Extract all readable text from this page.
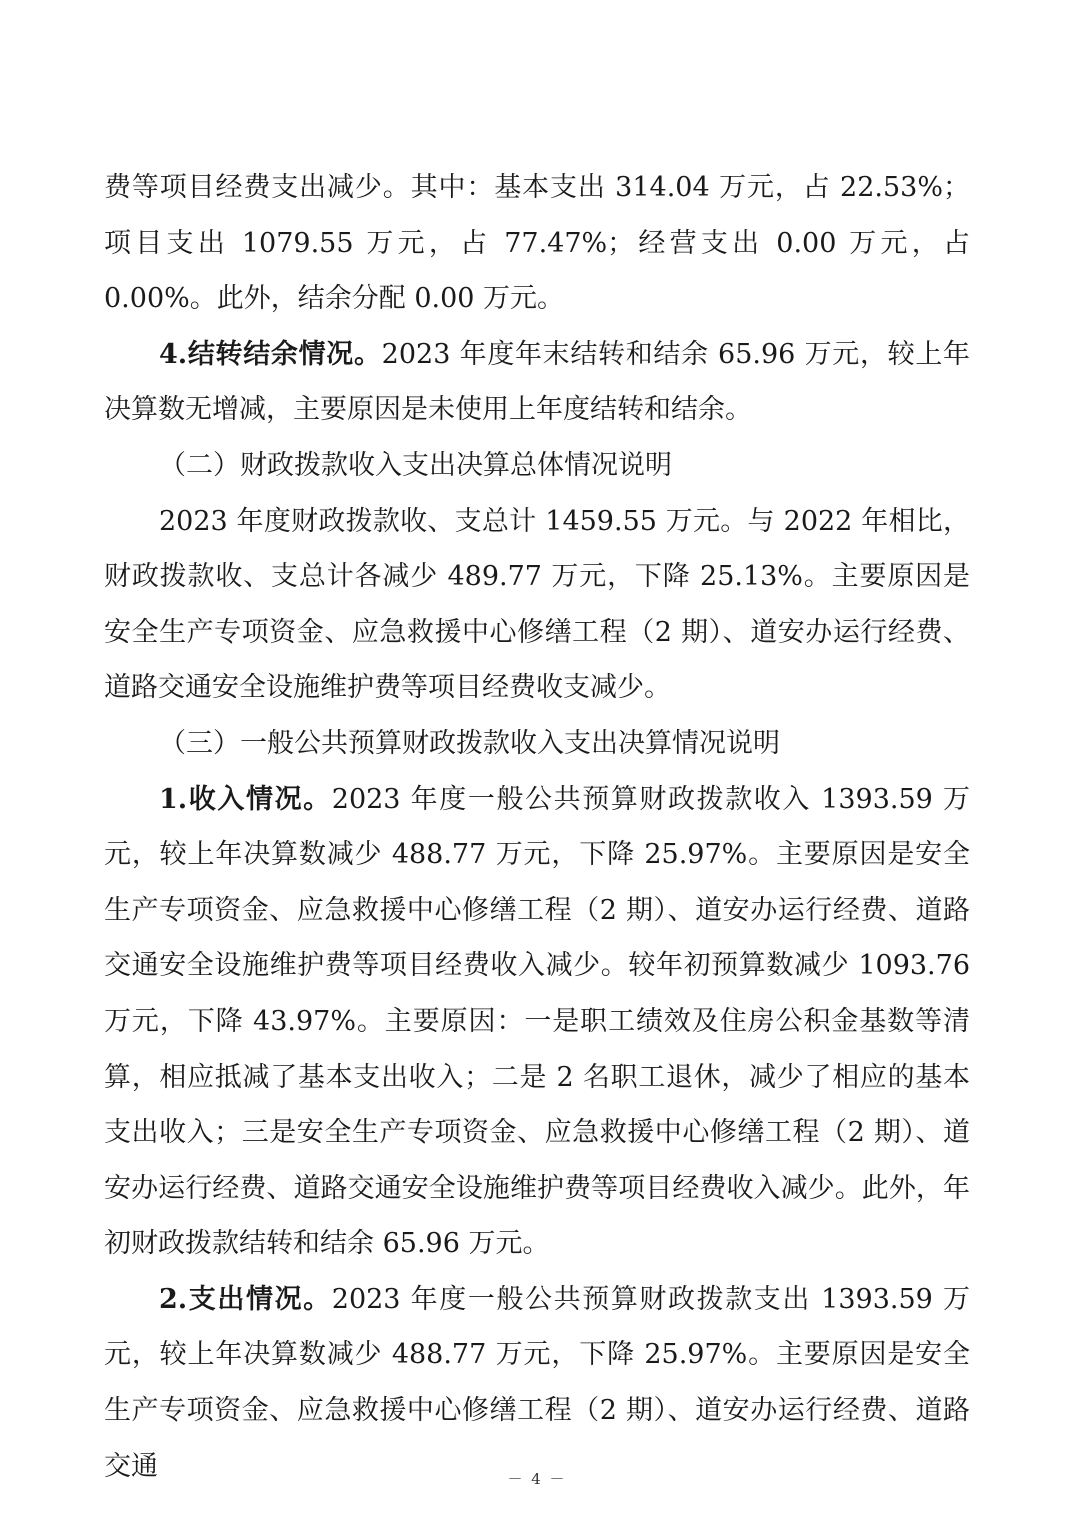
费等项目经费支出减少。其中：基本支出 314.04 万元，占 22.53%；项目支出 1079.55 万元，占 77.47%；经营支出 0.00 万元，占 0.00%。此外，结余分配 0.00 万元。

4.结转结余情况。2023 年度年末结转和结余 65.96 万元，较上年决算数无增减，主要原因是未使用上年度结转和结余。

（二）财政拨款收入支出决算总体情况说明

2023 年度财政拨款收、支总计 1459.55 万元。与 2022 年相比，财政拨款收、支总计各减少 489.77 万元，下降 25.13%。主要原因是安全生产专项资金、应急救援中心修缮工程（2 期）、道安办运行经费、道路交通安全设施维护费等项目经费收支减少。

（三）一般公共预算财政拨款收入支出决算情况说明

1.收入情况。2023 年度一般公共预算财政拨款收入 1393.59 万元，较上年决算数减少 488.77 万元，下降 25.97%。主要原因是安全生产专项资金、应急救援中心修缮工程（2 期）、道安办运行经费、道路交通安全设施维护费等项目经费收入减少。较年初预算数减少 1093.76 万元，下降 43.97%。主要原因：一是职工绩效及住房公积金基数等清算，相应抵减了基本支出收入；二是 2 名职工退休，减少了相应的基本支出收入；三是安全生产专项资金、应急救援中心修缮工程（2 期）、道安办运行经费、道路交通安全设施维护费等项目经费收入减少。此外，年初财政拨款结转和结余 65.96 万元。

2.支出情况。2023 年度一般公共预算财政拨款支出 1393.59 万元，较上年决算数减少 488.77 万元，下降 25.97%。主要原因是安全生产专项资金、应急救援中心修缮工程（2 期）、道安办运行经费、道路交通	－ 4 －
